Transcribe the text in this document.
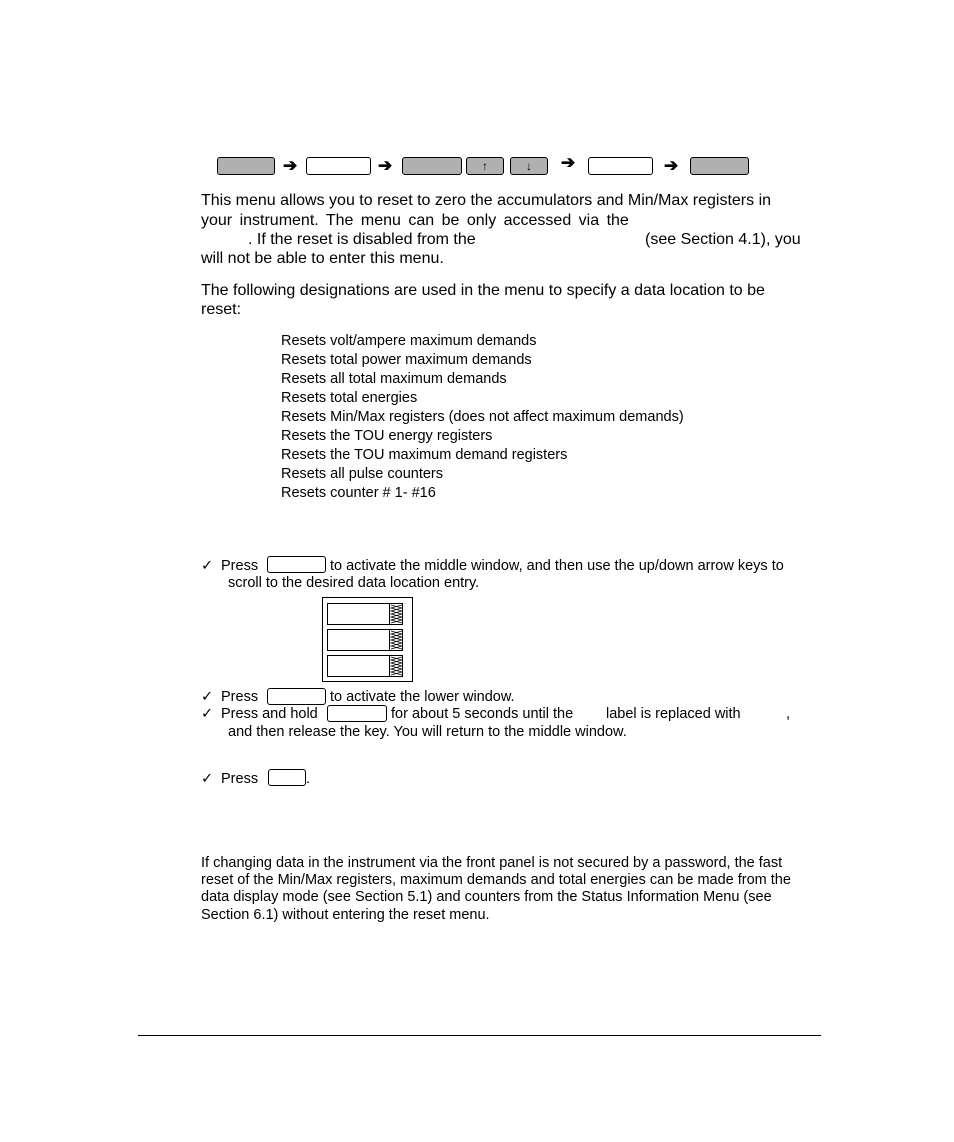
➔	➔	↑	↓ ➔	➔
This menu allows you to reset to zero the accumulators and Min/Max registers in
your instrument. The menu can be only accessed via the
. If the reset is disabled from the	(see Section 4.1), you
will not be able to enter this menu.
The following designations are used in the menu to specify a data location to be
reset:
Resets volt/ampere maximum demands
Resets total power maximum demands
Resets all total maximum demands
Resets total energies
Resets Min/Max registers (does not affect maximum demands)
Resets the TOU energy registers
Resets the TOU maximum demand registers
Resets all pulse counters
Resets counter # 1- #16
✓ Press	to activate the middle window, and then use the up/down arrow keys to
scroll to the desired data location entry.
✓ Press	to activate the lower window.
✓ Press and hold	for about 5 seconds until the label is replaced with	,
and then release the key. You will return to the middle window.
✓ Press	.
If changing data in the instrument via the front panel is not secured by a password, the fast
reset of the Min/Max registers, maximum demands and total energies can be made from the
data display mode (see Section 5.1) and counters from the Status Information Menu (see
Section 6.1) without entering the reset menu.
